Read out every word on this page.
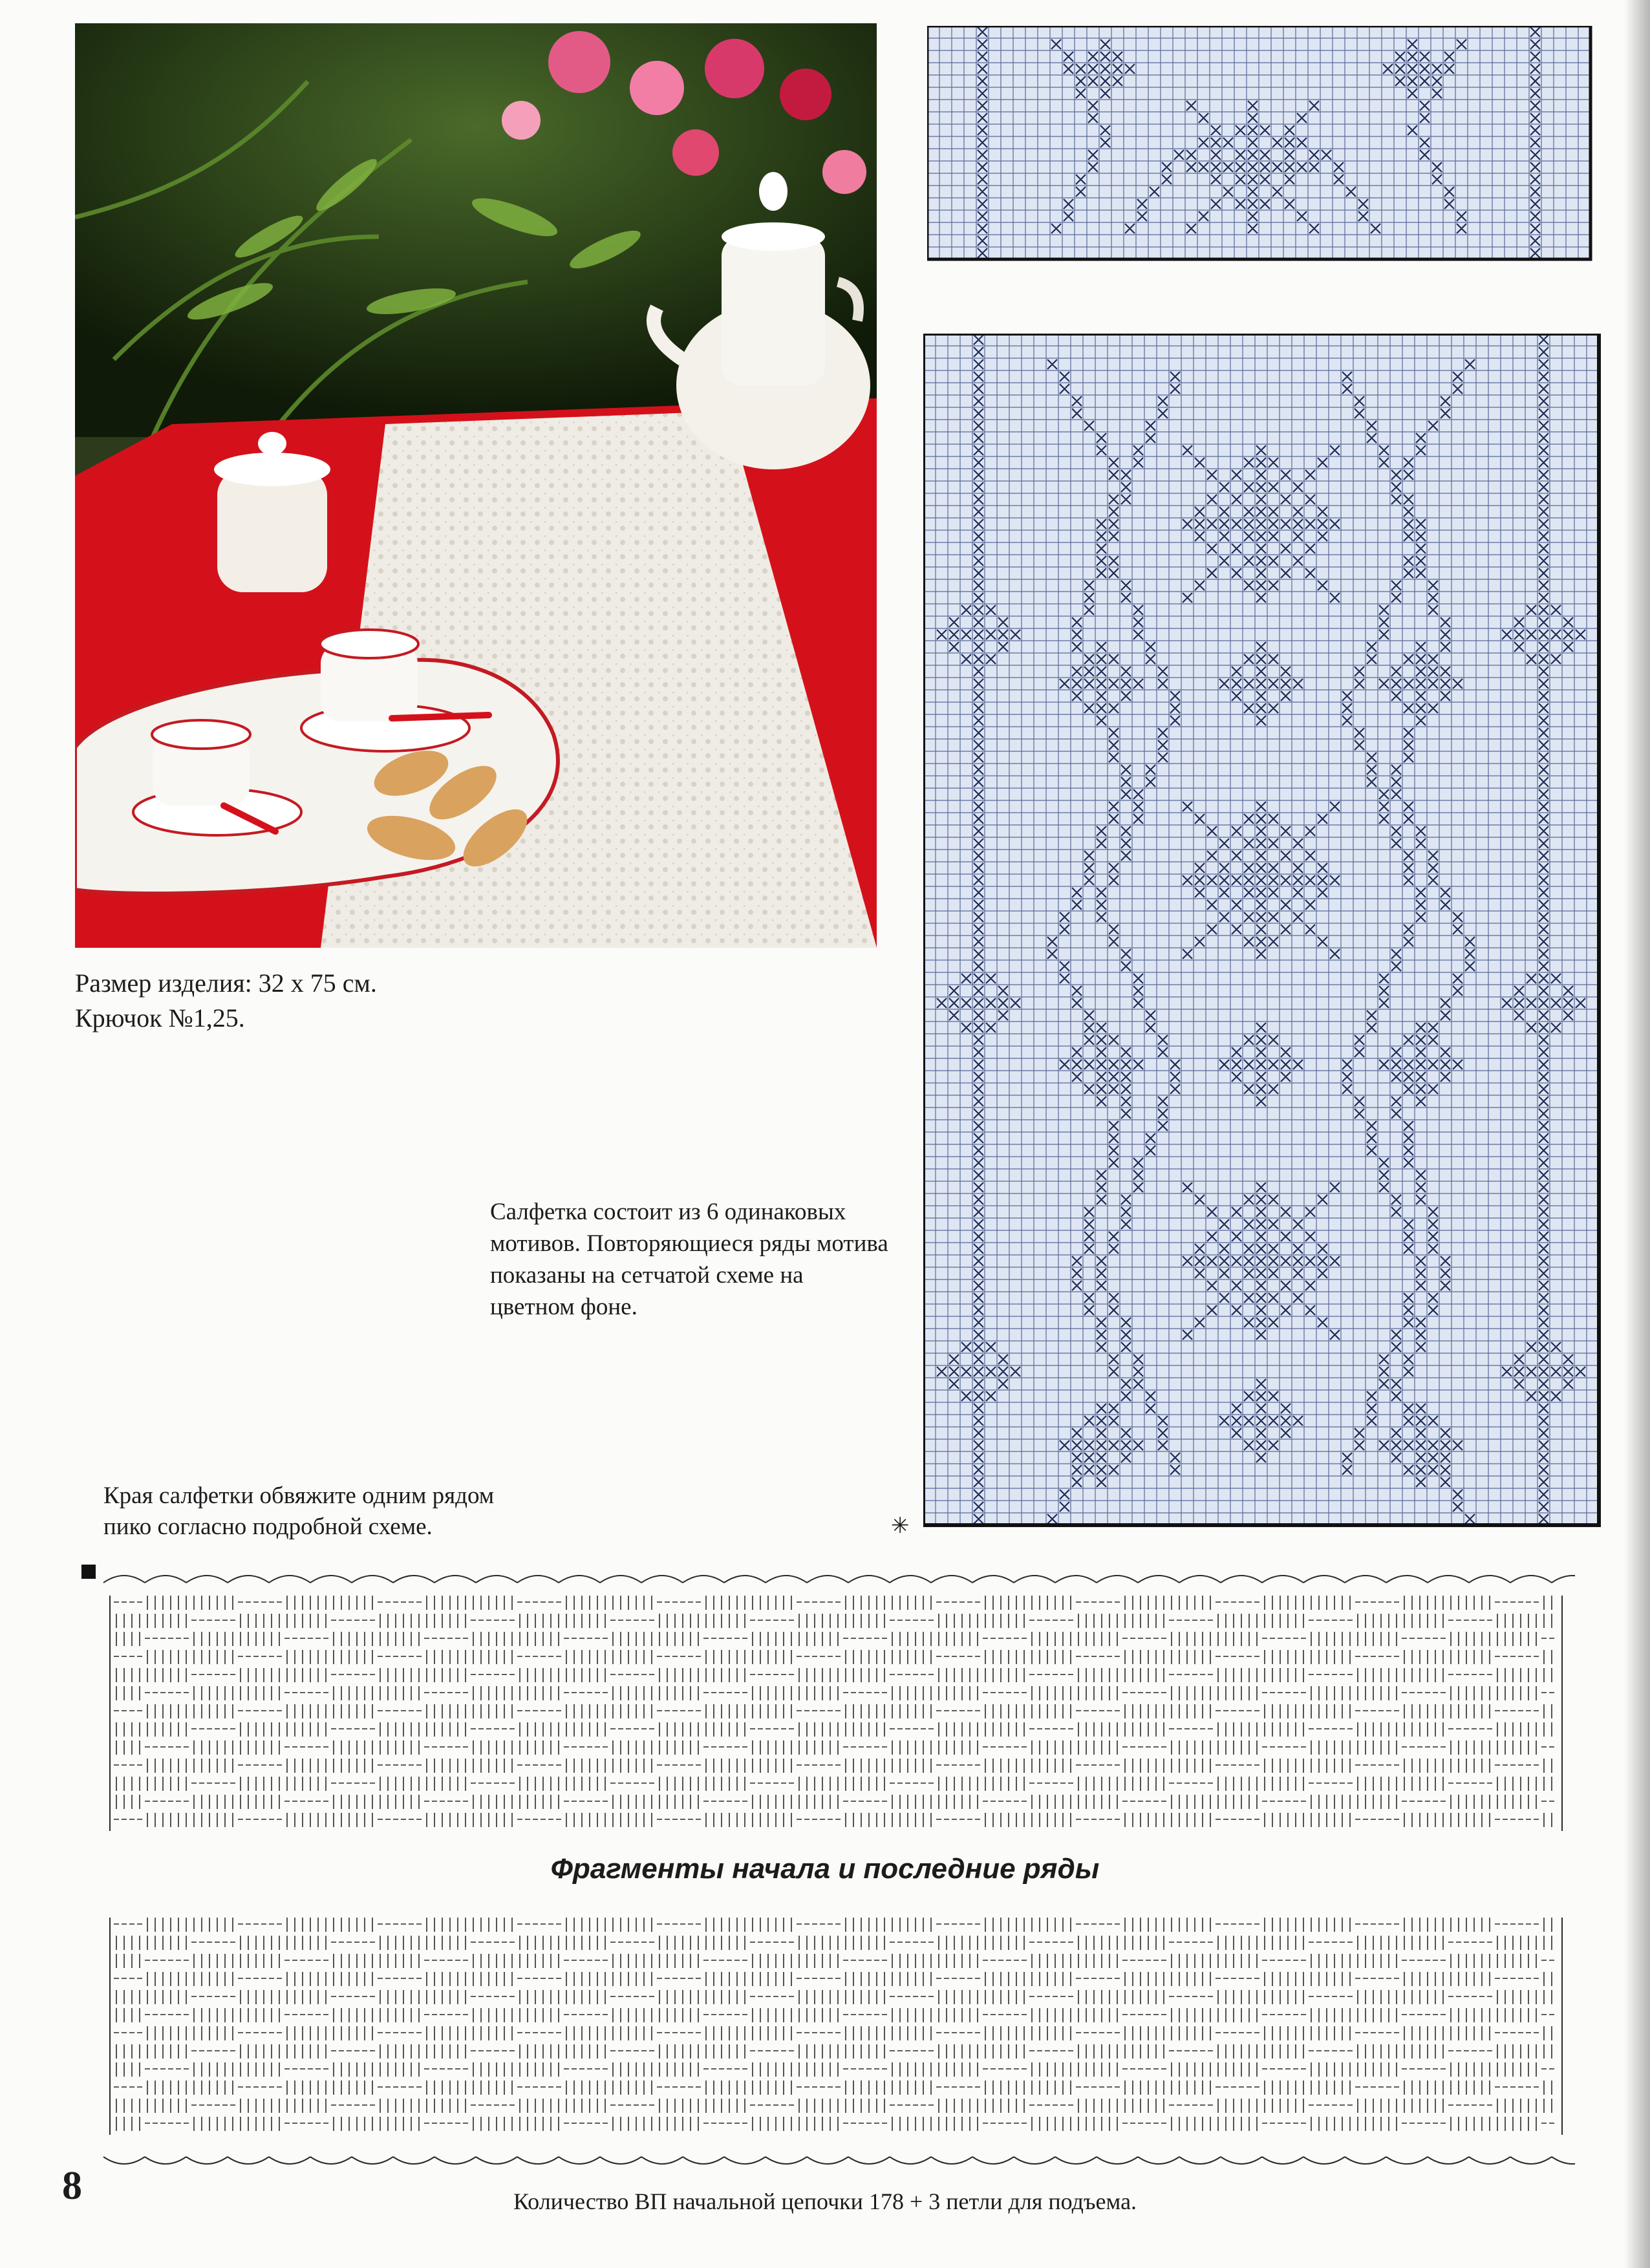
Размер изделия: 32 х 75 см.
Крючок №1,25.
Салфетка состоит из 6 одинаковых мотивов. Повторяющиеся ряды мотива показаны на сетчатой схеме на цветном фоне.
Края салфетки обвяжите одним рядом пико согласно подробной схеме.	✳
Фрагменты начала и последние ряды
8	Количество ВП начальной цепочки 178 + 3 петли для подъема.
